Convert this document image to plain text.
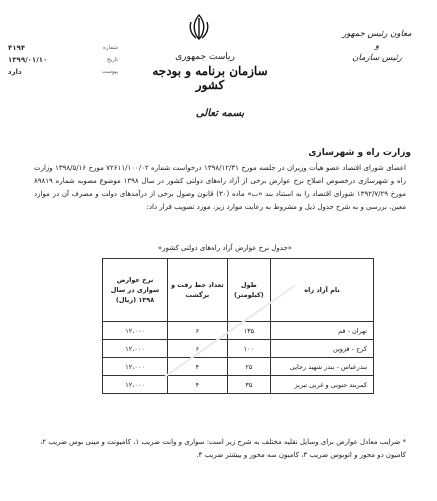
۴۱۹۴	شماره
۱۳۹۹/۰۱/۱۰	تاریخ
دارد	پیوست
ریاست جمهوری
سازمان برنامه و بودجه کشور
معاون رئیس جمهور
و
رئیس سازمان
بسمه تعالی
وزارت راه و شهرسازی
اعضای شورای اقتصاد عضو هیأت وزیران در جلسه مورخ ۱۳۹۸/۱۲/۳۱ درخواست شماره ۷۲۶۱۱/۱۰۰/۰۲ مورخ ۱۳۹۸/۵/۱۶ وزارت راه و شهرسازی درخصوص اصلاح نرخ عوارض برخی از آزاد راه‌های دولتی کشور در سال ۱۳۹۸ موضوع مصوبه شماره ۸۹۸۱۹ مورخ ۱۳۹۲/۷/۲۹ شورای اقتصاد را به استناد بند «ب» ماده (۳۰) قانون وصول برخی از درآمدهای دولت و مصرف آن در موارد معین، بررسی و به شرح جدول ذیل و مشروط به رعایت موارد زیر، مورد تصویب قرار داد:
«جدول نرخ عوارض آزاد راه‌های دولتی کشور»
نام آزاد راه	طول (کیلومتر)	تعداد خط رفت و برگشت	نرخ عوارض سواری در سال ۱۳۹۸ (ریال)
تهران - قم	۱۳۵	۶	۱۲،۰۰۰
کرج - قزوین	۱۰۰	۶	۱۲،۰۰۰
بندرعباس - بندر شهید رجایی	۲۵	۴	۱۲،۰۰۰
کمربند جنوبی و غربی تبریز	۳۵	۴	۱۲،۰۰۰
* ضرایب معادل عوارض برای وسایل نقلیه مختلف به شرح زیر است: سواری و وانت ضریب ۱، کامیونت و مینی بوس ضریب ۲، کامیون دو محور و اتوبوس ضریب ۳، کامیون سه محور و بیشتر ضریب ۴.
